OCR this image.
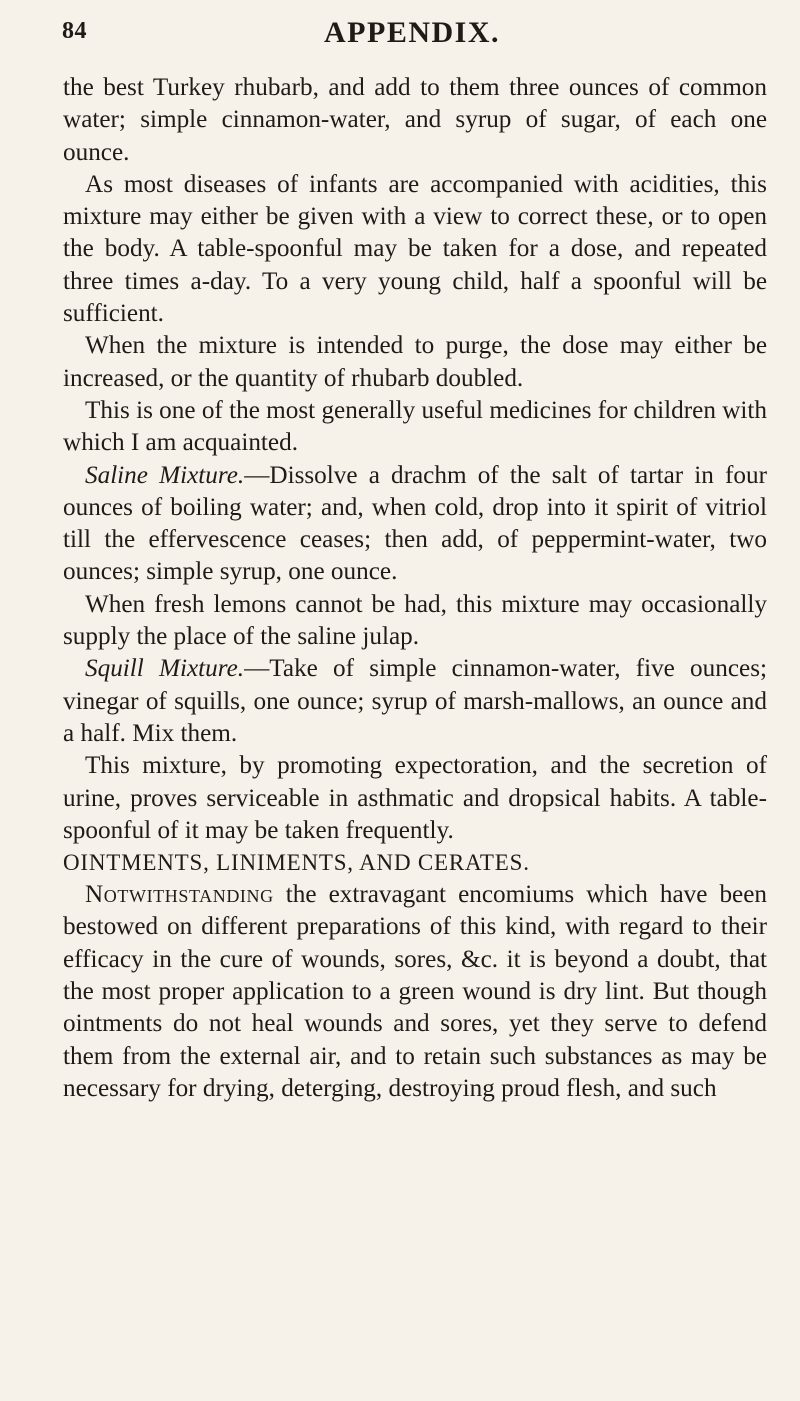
84	APPENDIX.

the best Turkey rhubarb, and add to them three ounces of common water; simple cinnamon-water, and syrup of sugar, of each one ounce.

As most diseases of infants are accompanied with acidities, this mixture may either be given with a view to correct these, or to open the body. A table-spoonful may be taken for a dose, and repeated three times a-day. To a very young child, half a spoonful will be sufficient.

When the mixture is intended to purge, the dose may either be increased, or the quantity of rhubarb doubled.

This is one of the most generally useful medicines for children with which I am acquainted.

Saline Mixture.—Dissolve a drachm of the salt of tartar in four ounces of boiling water; and, when cold, drop into it spirit of vitriol till the effervescence ceases; then add, of peppermint-water, two ounces; simple syrup, one ounce.

When fresh lemons cannot be had, this mixture may occasionally supply the place of the saline julap.

Squill Mixture.—Take of simple cinnamon-water, five ounces; vinegar of squills, one ounce; syrup of marsh-mallows, an ounce and a half. Mix them.

This mixture, by promoting expectoration, and the secretion of urine, proves serviceable in asthmatic and dropsical habits. A table-spoonful of it may be taken frequently.

OINTMENTS, LINIMENTS, AND CERATES.

Notwithstanding the extravagant encomiums which have been bestowed on different preparations of this kind, with regard to their efficacy in the cure of wounds, sores, &c. it is beyond a doubt, that the most proper application to a green wound is dry lint. But though ointments do not heal wounds and sores, yet they serve to defend them from the external air, and to retain such substances as may be necessary for drying, deterging, destroying proud flesh, and such
